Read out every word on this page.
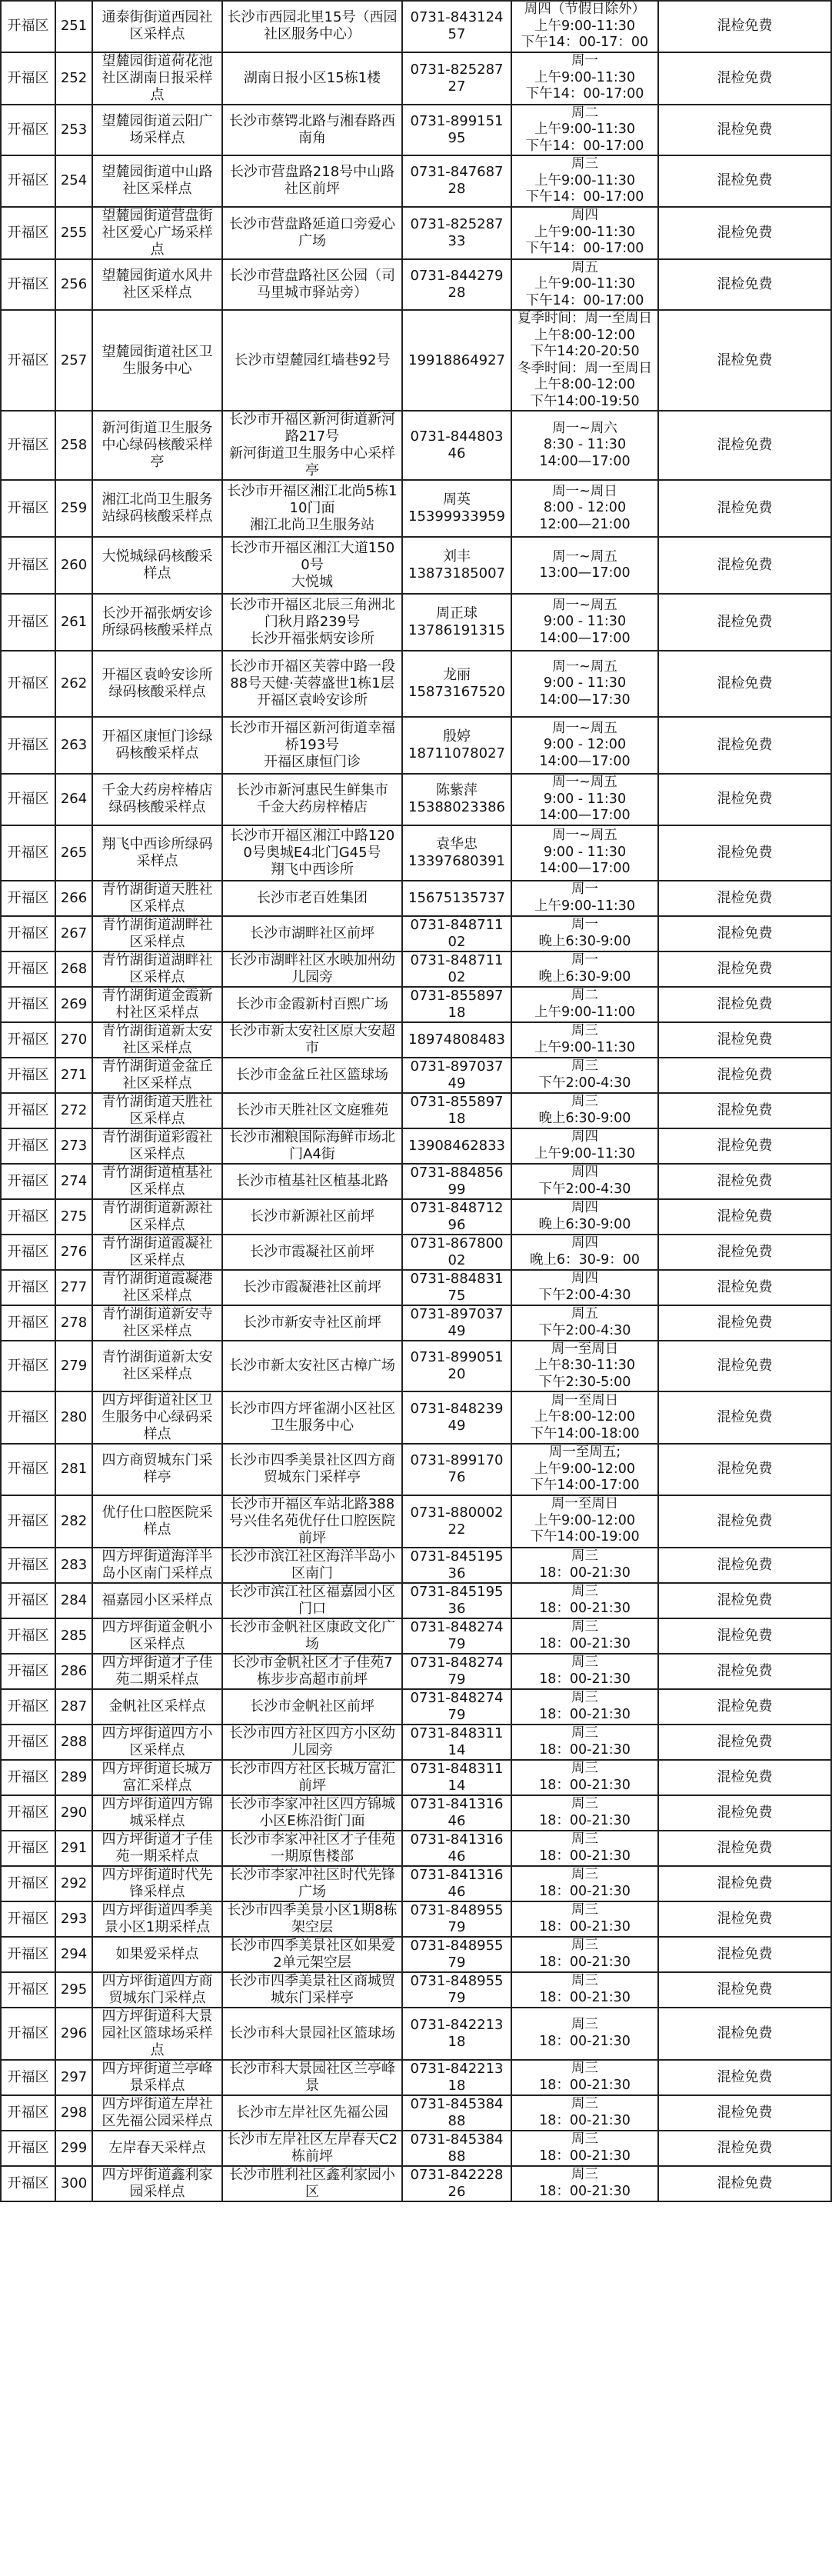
开福区	251	通泰街街道西园社区采样点	长沙市西园北里15号（西园社区服务中心）	0731-84312457	周四（节假日除外）
上午9:00-11:30
下午14：00-17：00	混检免费
开福区	252	望麓园街道荷花池社区湖南日报采样点	湖南日报小区15栋1楼	0731-82528727	周一
上午9:00-11:30
下午14：00-17:00	混检免费
开福区	253	望麓园街道云阳广场采样点	长沙市蔡锷北路与湘春路西南角	0731-89915195	周二
上午9:00-11:30
下午14：00-17:00	混检免费
开福区	254	望麓园街道中山路社区采样点	长沙市营盘路218号中山路社区前坪	0731-84768728	周三
上午9:00-11:30
下午14：00-17:00	混检免费
开福区	255	望麓园街道营盘街社区爱心广场采样点	长沙市营盘路延道口旁爱心广场	0731-82528733	周四
上午9:00-11:30
下午14：00-17:00	混检免费
开福区	256	望麓园街道水风井社区采样点	长沙市营盘路社区公园（司马里城市驿站旁）	0731-84427928	周五
上午9:00-11:30
下午14：00-17:00	混检免费
开福区	257	望麓园街道社区卫生服务中心	长沙市望麓园红墙巷92号	19918864927	夏季时间：周一至周日
上午8:00-12:00
下午14:20-20:50　　冬季时间：周一至周日　上午8:00-12:00　　　下午14:00-19:50	混检免费
开福区	258	新河街道卫生服务中心绿码核酸采样亭	长沙市开福区新河街道新河路217号
新河街道卫生服务中心采样亭	0731-84480346	周一~周六
8:30 - 11:30
14:00—17:00	混检免费
开福区	259	湘江北尚卫生服务站绿码核酸采样点	长沙市开福区湘江北尚5栋110门面
湘江北尚卫生服务站	周英
15399933959	周一~周日
8:00 - 12:00
12:00—21:00	混检免费
开福区	260	大悦城绿码核酸采样点	长沙市开福区湘江大道1500号
大悦城	刘丰
13873185007	周一~周五
13:00—17:00	混检免费
开福区	261	长沙开福张炳安诊所绿码核酸采样点	长沙市开福区北辰三角洲北门秋月路239号
长沙开福张炳安诊所	周正球
13786191315	周一~周五
9:00 - 11:30
14:00—17:00	混检免费
开福区	262	开福区袁岭安诊所绿码核酸采样点	长沙市开福区芙蓉中路一段88号天健·芙蓉盛世1栋1层
开福区袁岭安诊所	龙丽
15873167520	周一~周五
9:00 - 11:30
14:00—17:30	混检免费
开福区	263	开福区康恒门诊绿码核酸采样点	长沙市开福区新河街道幸福桥193号
开福区康恒门诊	殷婷
18711078027	周一~周五
9:00 - 12:00
14:00—17:00	混检免费
开福区	264	千金大药房梓椿店绿码核酸采样点	长沙市新河惠民生鲜集市
千金大药房梓椿店	陈紫萍
15388023386	周一~周五
9:00 - 11:30
14:00—17:00	混检免费
开福区	265	翔飞中西诊所绿码采样点	长沙市开福区湘江中路1200号奥城E4北门G45号
翔飞中西诊所	袁华忠
13397680391	周一~周五
9:00 - 11:30
14:00—17:00	混检免费
开福区	266	青竹湖街道天胜社区采样点	长沙市老百姓集团	15675135737	周一
上午9:00-11:30	混检免费
开福区	267	青竹湖街道湖畔社区采样点	长沙市湖畔社区前坪	0731-84871102	周一
晚上6:30-9:00	混检免费
开福区	268	青竹湖街道湖畔社区采样点	长沙市湖畔社区水映加州幼儿园旁	0731-84871102	周一
晚上6:30-9:00	混检免费
开福区	269	青竹湖街道金霞新村社区采样点	长沙市金霞新村百熙广场	0731-85589718	周二
上午9:00-11:00	混检免费
开福区	270	青竹湖街道新太安社区采样点	长沙市新太安社区原大安超市	18974808483	周三
上午9:00-11:30	混检免费
开福区	271	青竹湖街道金盆丘社区采样点	长沙市金盆丘社区篮球场	0731-89703749	周三
下午2:00-4:30	混检免费
开福区	272	青竹湖街道天胜社区采样点	长沙市天胜社区文庭雅苑	0731-85589718	周三
晚上6:30-9:00	混检免费
开福区	273	青竹湖街道彩霞社区采样点	长沙市湘粮国际海鲜市场北门A4街	13908462833	周四
上午9:00-11:30	混检免费
开福区	274	青竹湖街道植基社区采样点	长沙市植基社区植基北路	0731-88485699	周四
下午2:00-4:30	混检免费
开福区	275	青竹湖街道新源社区采样点	长沙市新源社区前坪	0731-84871296	周四
晚上6:30-9:00	混检免费
开福区	276	青竹湖街道霞凝社区采样点	长沙市霞凝社区前坪	0731-86780002	周四
晚上6：30-9：00	混检免费
开福区	277	青竹湖街道霞凝港社区采样点	长沙市霞凝港社区前坪	0731-88483175	周四
下午2:00-4:30	混检免费
开福区	278	青竹湖街道新安寺社区采样点	长沙市新安寺社区前坪	0731-89703749	周五
下午2:00-4:30	混检免费
开福区	279	青竹湖街道新太安社区采样点	长沙市新太安社区古樟广场	0731-89905120	周一至周日
上午8:30-11:30
下午2:30-5:00	混检免费
开福区	280	四方坪街道社区卫生服务中心绿码采样点	长沙市四方坪雀湖小区社区卫生服务中心	0731-84823949	周一至周日
上午8:00-12:00
下午14:00-18:00	混检免费
开福区	281	四方商贸城东门采样亭	长沙市四季美景社区四方商贸城东门采样亭	0731-89917076	周一至周五;
上午9:00-12:00
下午14:00-17:00	混检免费
开福区	282	优仔仕口腔医院采样点	长沙市开福区车站北路388号兴佳名苑优仔仕口腔医院前坪	0731-88000222	周一至周日
上午9:00-12:00
下午14:00-19:00	混检免费
开福区	283	四方坪街道海洋半岛小区南门采样点	长沙市滨江社区海洋半岛小区南门	0731-84519536	周三
18：00-21:30	混检免费
开福区	284	福嘉园小区采样点	长沙市滨江社区福嘉园小区门口	0731-84519536	周三
18：00-21:30	混检免费
开福区	285	四方坪街道金帆小区采样点	长沙市金帆社区康政文化广场	0731-84827479	周三
18：00-21:30	混检免费
开福区	286	四方坪街道才子佳苑二期采样点	长沙市金帆社区才子佳苑7栋步步高超市前坪	0731-84827479	周三
18：00-21:30	混检免费
开福区	287	金帆社区采样点	长沙市金帆社区前坪	0731-84827479	周三
18：00-21:30	混检免费
开福区	288	四方坪街道四方小区采样点	长沙市四方社区四方小区幼儿园旁	0731-84831114	周三
18：00-21:30	混检免费
开福区	289	四方坪街道长城万富汇采样点	长沙市四方社区长城万富汇前坪	0731-84831114	周三
18：00-21:30	混检免费
开福区	290	四方坪街道四方锦城采样点	长沙市李家冲社区四方锦城小区E栋沿街门面	0731-84131646	周三
18：00-21:30	混检免费
开福区	291	四方坪街道才子佳苑一期采样点	长沙市李家冲社区才子佳苑一期原售楼部	0731-84131646	周三
18：00-21:30	混检免费
开福区	292	四方坪街道时代先锋采样点	长沙市李家冲社区时代先锋广场	0731-84131646	周三
18：00-21:30	混检免费
开福区	293	四方坪街道四季美景小区1期采样点	长沙市四季美景小区1期8栋架空层	0731-84895579	周三
18：00-21:30	混检免费
开福区	294	如果爱采样点	长沙市四季美景社区如果爱2单元架空层	0731-84895579	周三
18：00-21:30	混检免费
开福区	295	四方坪街道四方商贸城东门采样点	长沙市四季美景社区商城贸城东门采样亭	0731-84895579	周三
18：00-21:30	混检免费
开福区	296	四方坪街道科大景园社区篮球场采样点	长沙市科大景园社区篮球场	0731-84221318	周三
18：00-21:30	混检免费
开福区	297	四方坪街道兰亭峰景采样点	长沙市科大景园社区兰亭峰景	0731-84221318	周三
18：00-21:30	混检免费
开福区	298	四方坪街道左岸社区先福公园采样点	长沙市左岸社区先福公园	0731-84538488	周三
18：00-21:30	混检免费
开福区	299	左岸春天采样点	长沙市左岸社区左岸春天C2栋前坪	0731-84538488	周三
18：00-21:30	混检免费
开福区	300	四方坪街道鑫利家园采样点	长沙市胜利社区鑫利家园小区	0731-84222826	周三
18：00-21:30	混检免费
